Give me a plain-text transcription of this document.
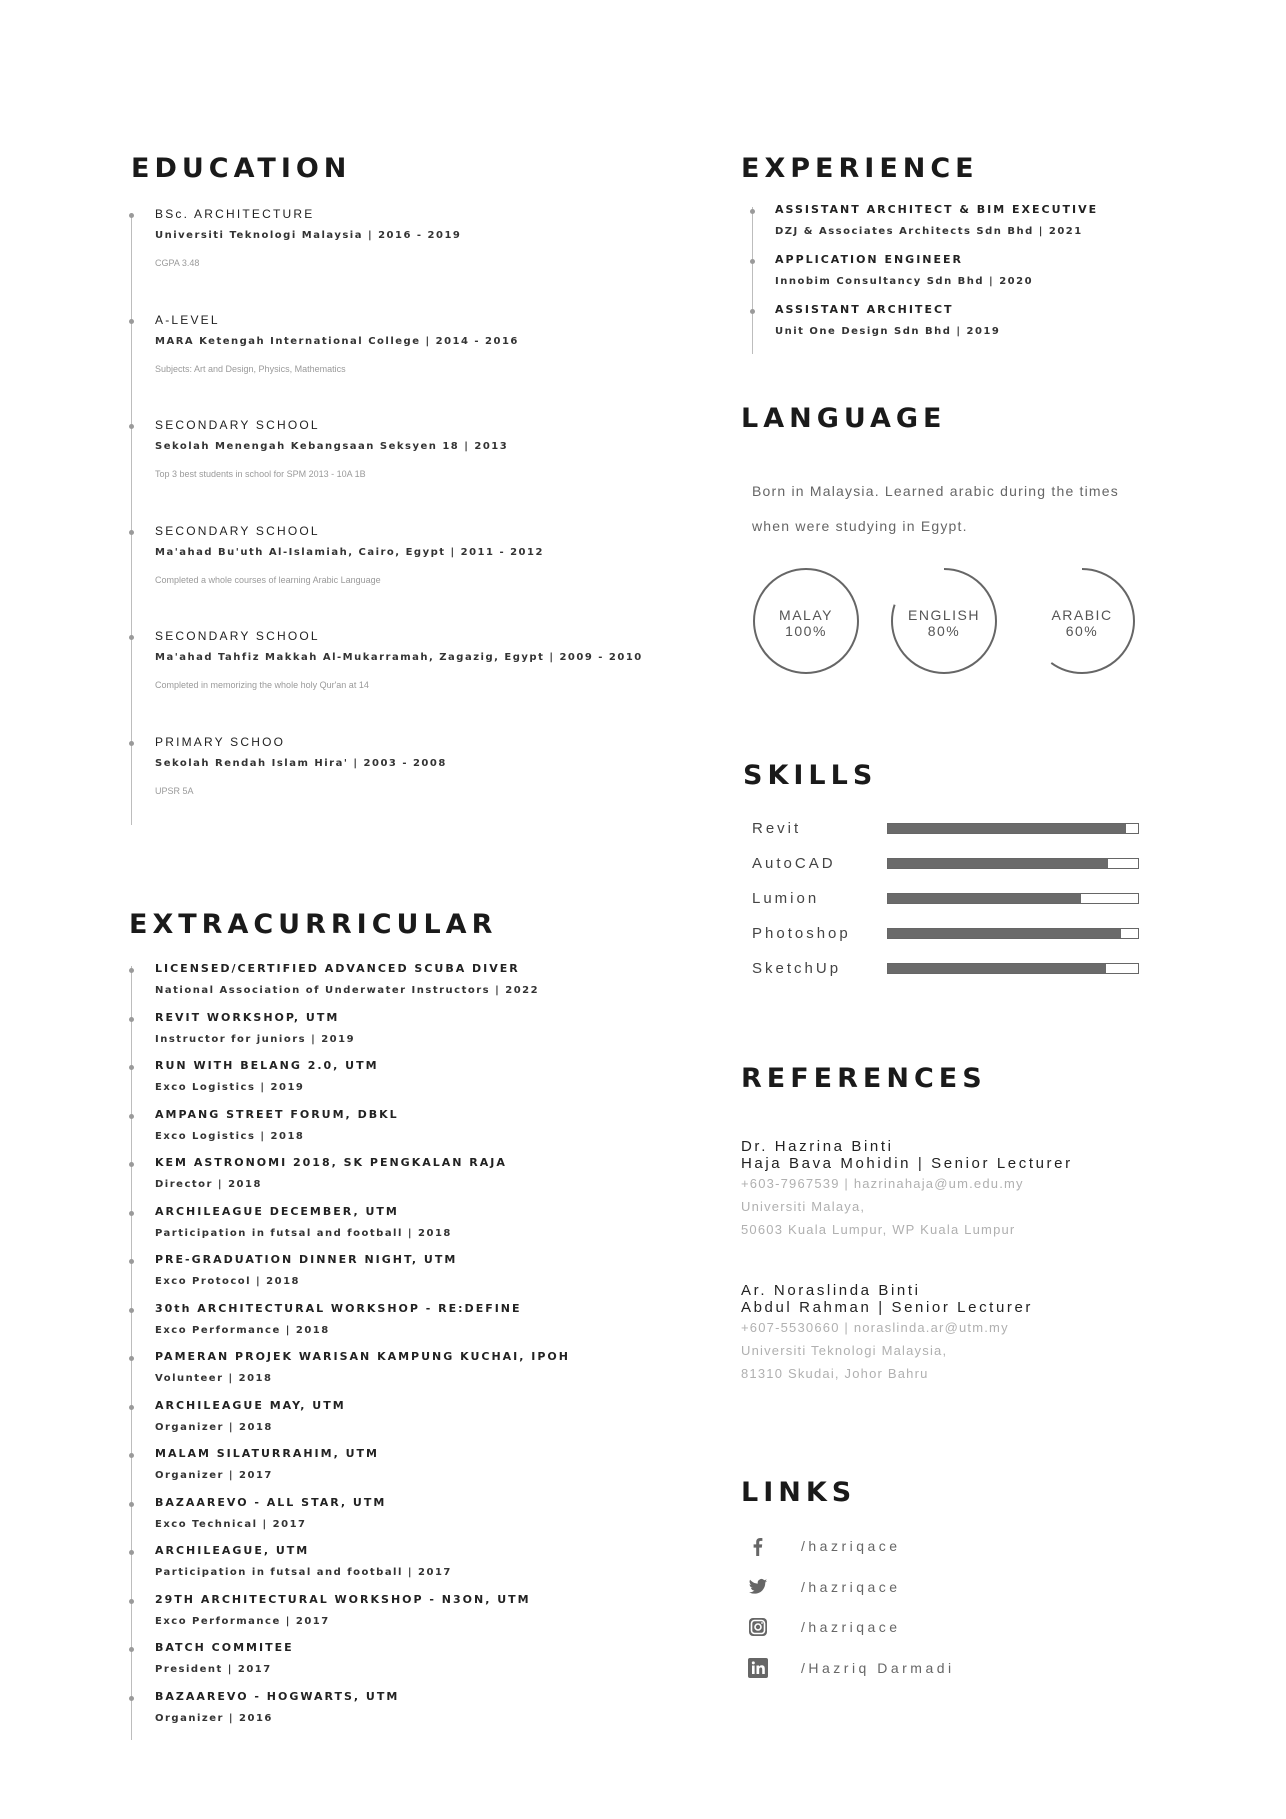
EDUCATION
BSc. ARCHITECTURE
Universiti Teknologi Malaysia | 2016 - 2019
CGPA 3.48
A-LEVEL
MARA Ketengah International College | 2014 - 2016
Subjects: Art and Design, Physics, Mathematics
SECONDARY SCHOOL
Sekolah Menengah Kebangsaan Seksyen 18 | 2013
Top 3 best students in school for SPM 2013 - 10A 1B
SECONDARY SCHOOL
Ma'ahad Bu'uth Al-Islamiah, Cairo, Egypt | 2011 - 2012
Completed a whole courses of learning Arabic Language
SECONDARY SCHOOL
Ma'ahad Tahfiz Makkah Al-Mukarramah, Zagazig, Egypt | 2009 - 2010
Completed in memorizing the whole holy Qur'an at 14
PRIMARY SCHOO
Sekolah Rendah Islam Hira' | 2003 - 2008
UPSR 5A
EXPERIENCE
ASSISTANT ARCHITECT & BIM EXECUTIVE
DZJ & Associates Architects Sdn Bhd | 2021
APPLICATION ENGINEER
Innobim Consultancy Sdn Bhd | 2020
ASSISTANT ARCHITECT
Unit One Design Sdn Bhd | 2019
LANGUAGE
Born in Malaysia. Learned arabic during the times when were studying in Egypt.
MALAY
100%
ENGLISH
80%
ARABIC
60%
SKILLS
Revit
AutoCAD
Lumion
Photoshop
SketchUp
EXTRACURRICULAR
LICENSED/CERTIFIED ADVANCED SCUBA DIVER
National Association of Underwater Instructors | 2022
REVIT WORKSHOP, UTM
Instructor for juniors | 2019
RUN WITH BELANG 2.0, UTM
Exco Logistics | 2019
AMPANG STREET FORUM, DBKL
Exco Logistics | 2018
KEM ASTRONOMI 2018, SK PENGKALAN RAJA
Director | 2018
ARCHILEAGUE DECEMBER, UTM
Participation in futsal and football | 2018
PRE-GRADUATION DINNER NIGHT, UTM
Exco Protocol | 2018
30th ARCHITECTURAL WORKSHOP - RE:DEFINE
Exco Performance | 2018
PAMERAN PROJEK WARISAN KAMPUNG KUCHAI, IPOH
Volunteer | 2018
ARCHILEAGUE MAY, UTM
Organizer | 2018
MALAM SILATURRAHIM, UTM
Organizer | 2017
BAZAAREVO - ALL STAR, UTM
Exco Technical | 2017
ARCHILEAGUE, UTM
Participation in futsal and football | 2017
29TH ARCHITECTURAL WORKSHOP - N3ON, UTM
Exco Performance | 2017
BATCH COMMITEE
President | 2017
BAZAAREVO - HOGWARTS, UTM
Organizer | 2016
REFERENCES
Dr. Hazrina Binti
Haja Bava Mohidin | Senior Lecturer
+603-7967539 | hazrinahaja@um.edu.my
Universiti Malaya,
50603 Kuala Lumpur, WP Kuala Lumpur
Ar. Noraslinda Binti
Abdul Rahman | Senior Lecturer
+607-5530660 | noraslinda.ar@utm.my
Universiti Teknologi Malaysia,
81310 Skudai, Johor Bahru
LINKS
/hazriqace
/hazriqace
/hazriqace
/Hazriq Darmadi
